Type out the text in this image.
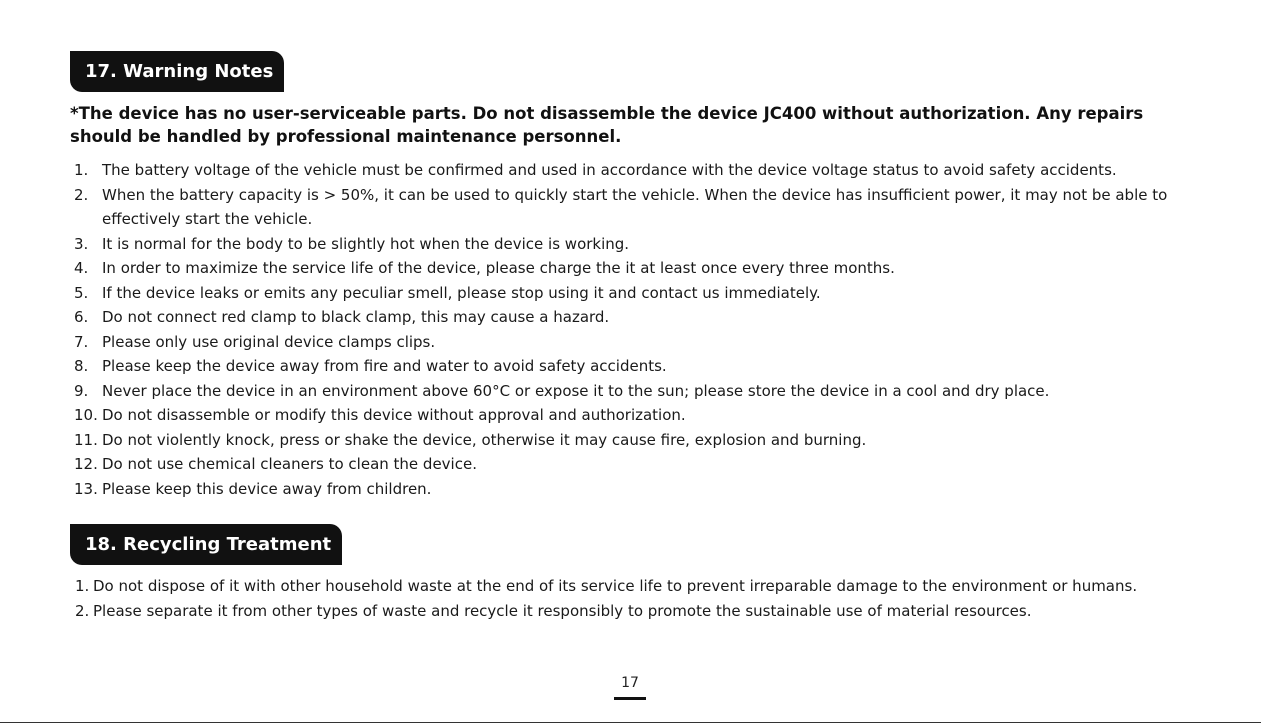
17. Warning Notes
*The device has no user-serviceable parts. Do not disassemble the device JC400 without authorization. Any repairs should be handled by professional maintenance personnel.
1. The battery voltage of the vehicle must be confirmed and used in accordance with the device voltage status to avoid safety accidents.
2. When the battery capacity is > 50%, it can be used to quickly start the vehicle. When the device has insufficient power, it may not be able to effectively start the vehicle.
3. It is normal for the body to be slightly hot when the device is working.
4. In order to maximize the service life of the device, please charge the it at least once every three months.
5. If the device leaks or emits any peculiar smell, please stop using it and contact us immediately.
6. Do not connect red clamp to black clamp, this may cause a hazard.
7. Please only use original device clamps clips.
8. Please keep the device away from fire and water to avoid safety accidents.
9. Never place the device in an environment above 60°C or expose it to the sun; please store the device in a cool and dry place.
10. Do not disassemble or modify this device without approval and authorization.
11. Do not violently knock, press or shake the device, otherwise it may cause fire, explosion and burning.
12. Do not use chemical cleaners to clean the device.
13. Please keep this device away from children.
18. Recycling Treatment
1. Do not dispose of it with other household waste at the end of its service life to prevent irreparable damage to the environment or humans.
2. Please separate it from other types of waste and recycle it responsibly to promote the sustainable use of material resources.
17
